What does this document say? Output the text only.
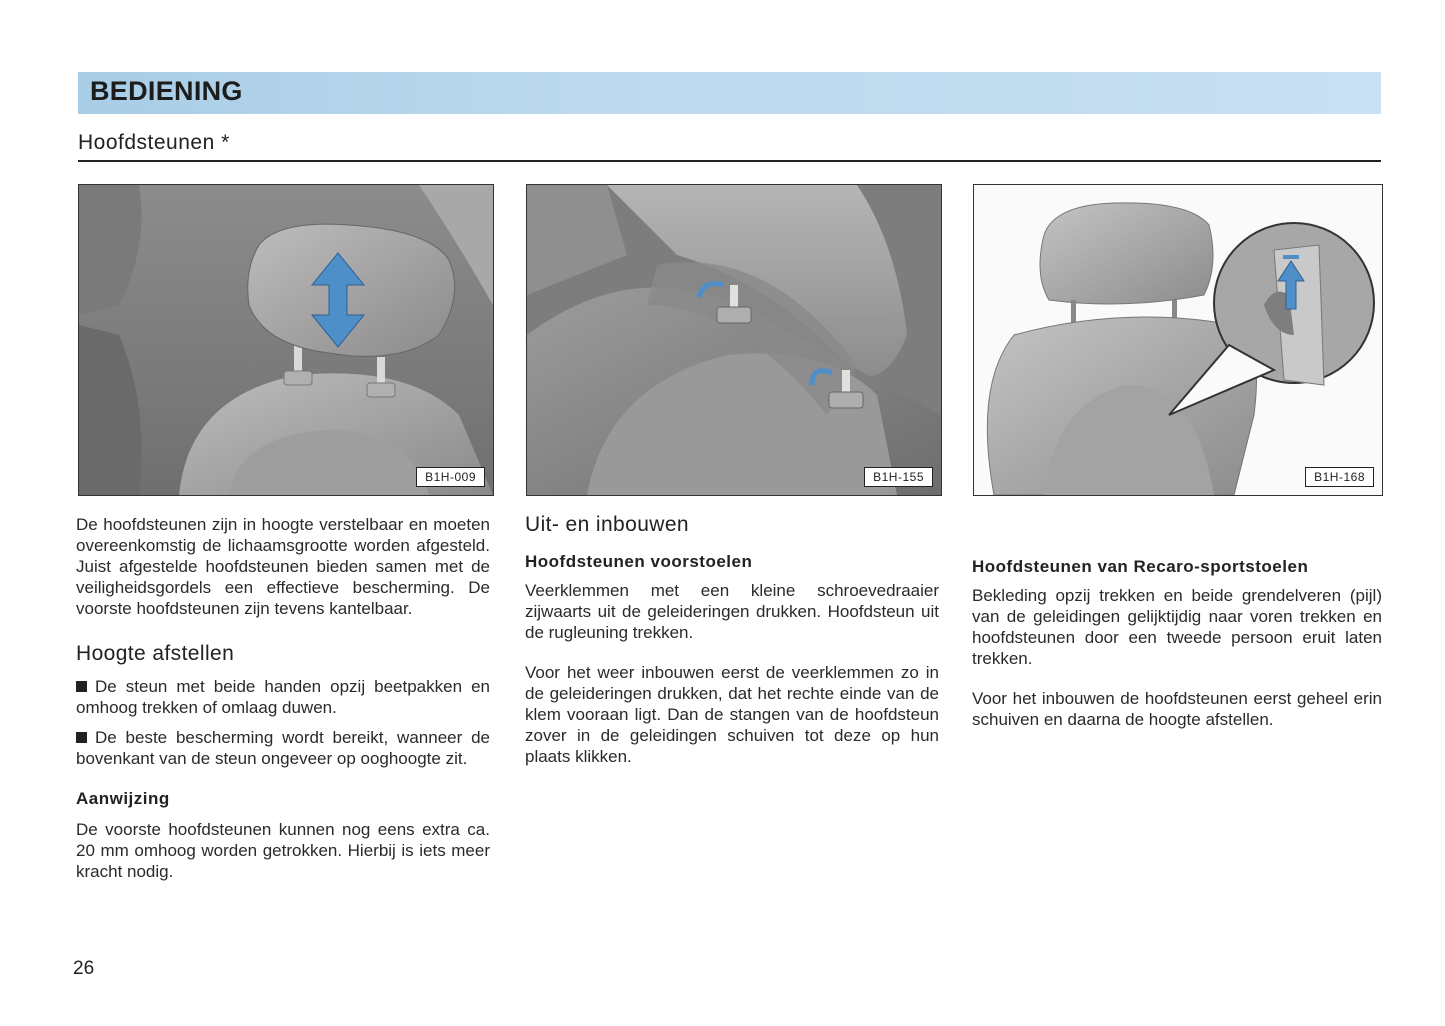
BEDIENING
Hoofdsteunen *
B1H-009	B1H-155	B1H-168

De hoofdsteunen zijn in hoogte verstelbaar en moeten overeenkomstig de lichaamsgrootte worden afgesteld. Juist afgestelde hoofdsteunen bieden samen met de veiligheidsgordels een effectieve bescherming. De voorste hoofdsteunen zijn tevens kantelbaar.

Hoogte afstellen

De steun met beide handen opzij beetpakken en omhoog trekken of omlaag duwen.

De beste bescherming wordt bereikt, wanneer de bovenkant van de steun ongeveer op ooghoogte zit.

Aanwijzing

De voorste hoofdsteunen kunnen nog eens extra ca. 20 mm omhoog worden getrokken. Hierbij is iets meer kracht nodig.

Uit- en inbouwen
Hoofdsteunen voorstoelen

Veerklemmen met een kleine schroevedraaier zijwaarts uit de geleideringen drukken. Hoofdsteun uit de rugleuning trekken.

Voor het weer inbouwen eerst de veerklemmen zo in de geleideringen drukken, dat het rechte einde van de klem vooraan ligt. Dan de stangen van de hoofdsteun zover in de geleidingen schuiven tot deze op hun plaats klikken.

Hoofdsteunen van Recaro-sportstoelen

Bekleding opzij trekken en beide grendelveren (pijl) van de geleidingen gelijktijdig naar voren trekken en hoofdsteunen door een tweede persoon eruit laten trekken.

Voor het inbouwen de hoofdsteunen eerst geheel erin schuiven en daarna de hoogte afstellen.

26
